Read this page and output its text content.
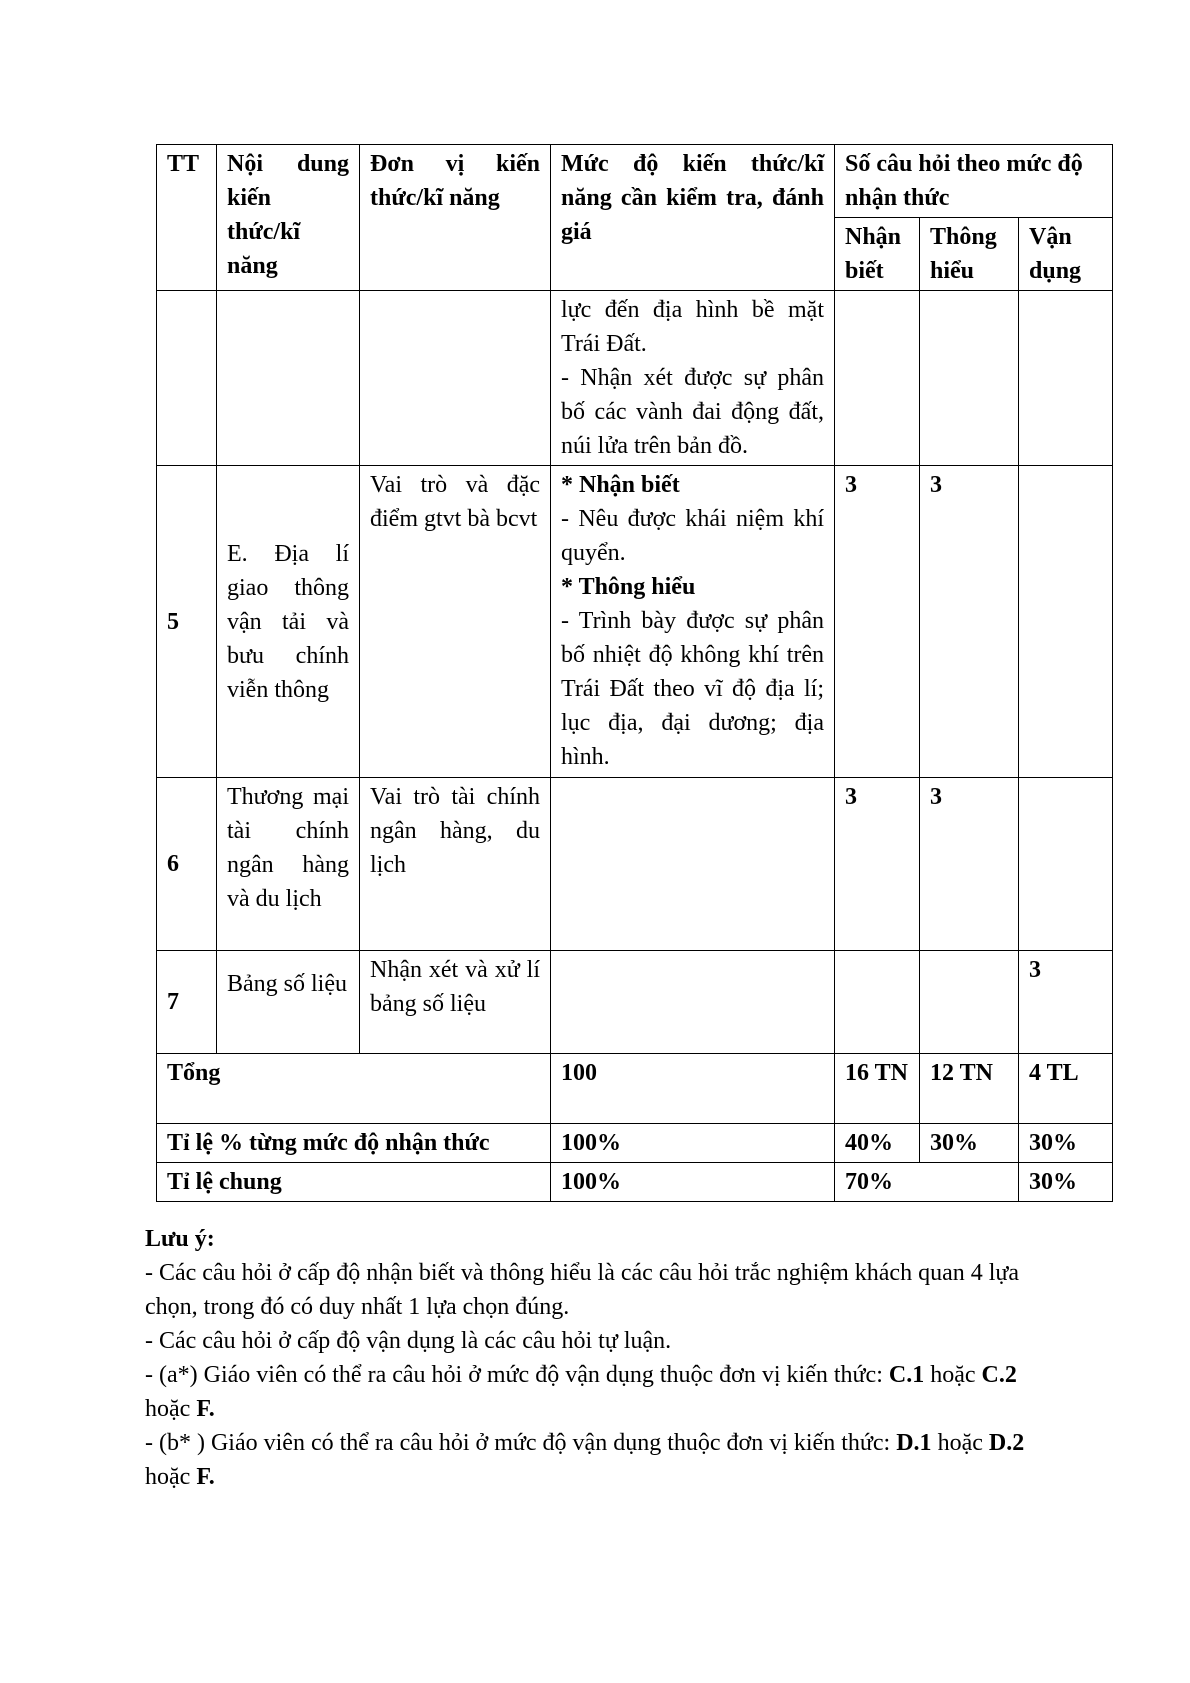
TT	Nội dung kiến thức/kĩ năng	Đơn vị kiến thức/kĩ năng	Mức độ kiến thức/kĩ năng cần kiểm tra, đánh giá	Số câu hỏi theo mức độ nhận thức		
				Nhận biết	Thông hiểu	Vận dụng

			lực đến địa hình bề mặt Trái Đất.
- Nhận xét được sự phân bố các vành đai động đất, núi lửa trên bản đồ.			

5	E. Địa lí giao thông vận tải và bưu chính viễn thông	Vai trò và đặc điểm gtvt bà bcvt	* Nhận biết
- Nêu được khái niệm khí quyển.
* Thông hiểu
- Trình bày được sự phân bố nhiệt độ không khí trên Trái Đất theo vĩ độ địa lí; lục địa, đại dương; địa hình.	3	3	
6	Thương mại tài chính ngân hàng và du lịch	Vai trò tài chính ngân hàng, du lịch		3	3	
7	Bảng số liệu	Nhận xét và xử lí bảng số liệu				3
Tổng			100	16 TN	12 TN	4 TL
Tỉ lệ % từng mức độ nhận thức			100%	40%	30%	30%
Tỉ lệ chung			100%	70%		30%

Lưu ý:

- Các câu hỏi ở cấp độ nhận biết và thông hiểu là các câu hỏi trắc nghiệm khách quan 4 lựa chọn, trong đó có duy nhất 1 lựa chọn đúng.

- Các câu hỏi ở cấp độ vận dụng là các câu hỏi tự luận.

- (a*) Giáo viên có thể ra câu hỏi ở mức độ vận dụng thuộc đơn vị kiến thức: C.1 hoặc C.2 hoặc F.

- (b* ) Giáo viên có thể ra câu hỏi ở mức độ vận dụng thuộc đơn vị kiến thức: D.1 hoặc D.2 hoặc F.
